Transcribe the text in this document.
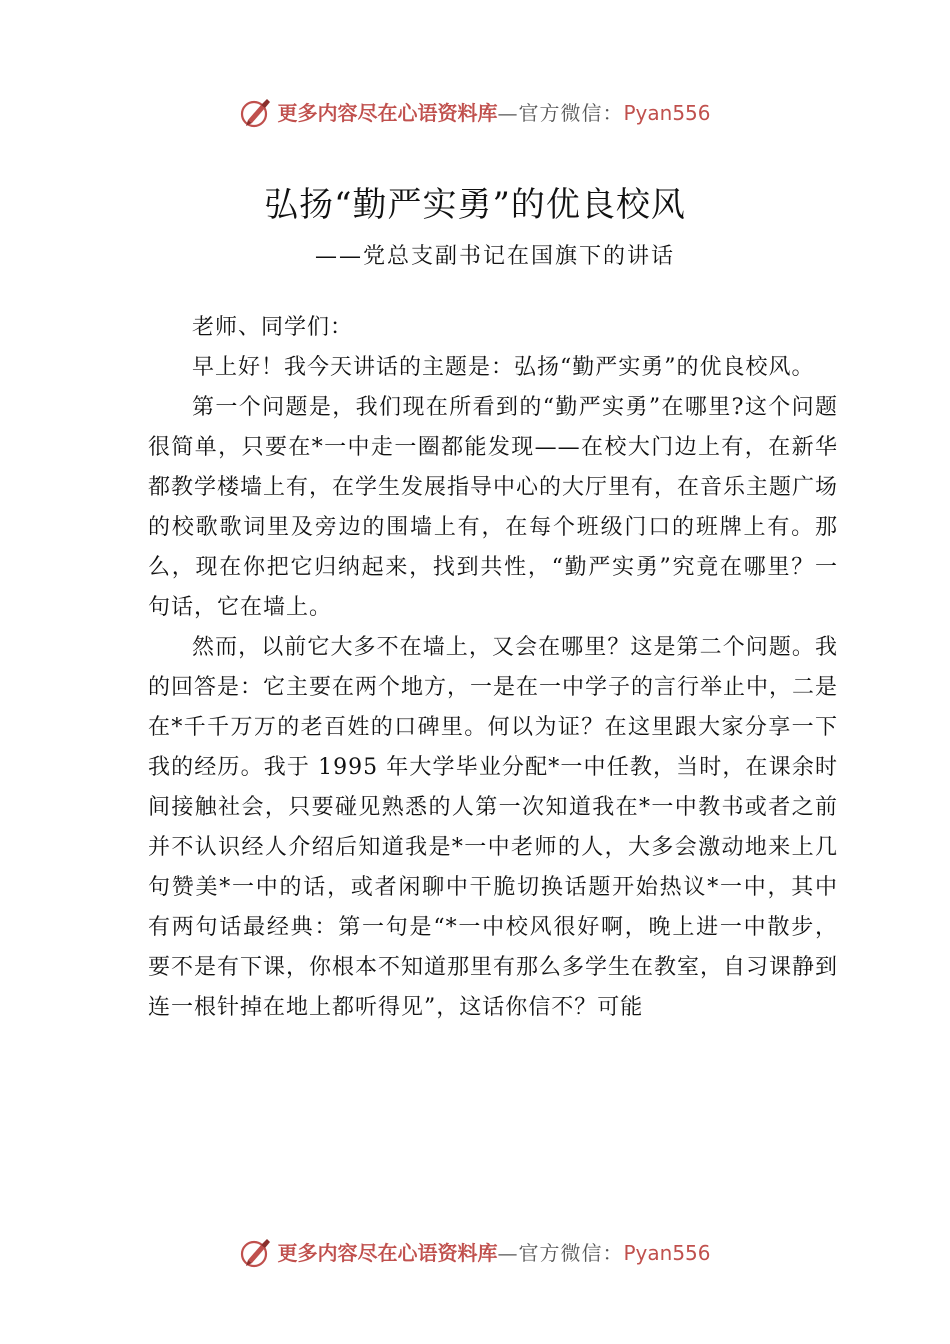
更多内容尽在心语资料库—官方微信：Pyan556
弘扬“勤严实勇”的优良校风
——党总支副书记在国旗下的讲话

老师、同学们：

早上好！我今天讲话的主题是：弘扬“勤严实勇”的优良校风。

第一个问题是，我们现在所看到的“勤严实勇”在哪里?这个问题很简单，只要在*一中走一圈都能发现——在校大门边上有，在新华都教学楼墙上有，在学生发展指导中心的大厅里有，在音乐主题广场的校歌歌词里及旁边的围墙上有，在每个班级门口的班牌上有。那么，现在你把它归纳起来，找到共性，“勤严实勇”究竟在哪里？一句话，它在墙上。

然而，以前它大多不在墙上，又会在哪里？这是第二个问题。我的回答是：它主要在两个地方，一是在一中学子的言行举止中，二是在*千千万万的老百姓的口碑里。何以为证？在这里跟大家分享一下我的经历。我于 1995 年大学毕业分配*一中任教，当时，在课余时间接触社会，只要碰见熟悉的人第一次知道我在*一中教书或者之前并不认识经人介绍后知道我是*一中老师的人，大多会激动地来上几句赞美*一中的话，或者闲聊中干脆切换话题开始热议*一中，其中有两句话最经典：第一句是“*一中校风很好啊，晚上进一中散步，要不是有下课，你根本不知道那里有那么多学生在教室，自习课静到连一根针掉在地上都听得见”，这话你信不？可能

更多内容尽在心语资料库—官方微信：Pyan556
